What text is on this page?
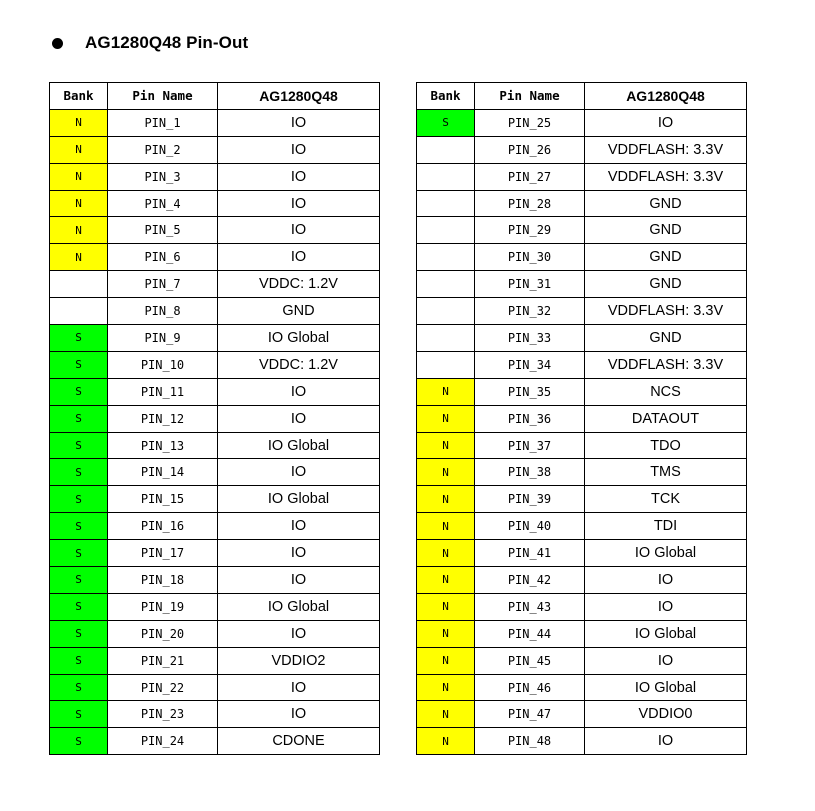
AG1280Q48 Pin-Out
Bank	Pin Name	AG1280Q48
N	PIN_1	IO
N	PIN_2	IO
N	PIN_3	IO
N	PIN_4	IO
N	PIN_5	IO
N	PIN_6	IO
	PIN_7	VDDC: 1.2V
	PIN_8	GND
S	PIN_9	IO Global
S	PIN_10	VDDC: 1.2V
S	PIN_11	IO
S	PIN_12	IO
S	PIN_13	IO Global
S	PIN_14	IO
S	PIN_15	IO Global
S	PIN_16	IO
S	PIN_17	IO
S	PIN_18	IO
S	PIN_19	IO Global
S	PIN_20	IO
S	PIN_21	VDDIO2
S	PIN_22	IO
S	PIN_23	IO
S	PIN_24	CDONE
Bank	Pin Name	AG1280Q48
S	PIN_25	IO
	PIN_26	VDDFLASH: 3.3V
	PIN_27	VDDFLASH: 3.3V
	PIN_28	GND
	PIN_29	GND
	PIN_30	GND
	PIN_31	GND
	PIN_32	VDDFLASH: 3.3V
	PIN_33	GND
	PIN_34	VDDFLASH: 3.3V
N	PIN_35	NCS
N	PIN_36	DATAOUT
N	PIN_37	TDO
N	PIN_38	TMS
N	PIN_39	TCK
N	PIN_40	TDI
N	PIN_41	IO Global
N	PIN_42	IO
N	PIN_43	IO
N	PIN_44	IO Global
N	PIN_45	IO
N	PIN_46	IO Global
N	PIN_47	VDDIO0
N	PIN_48	IO
